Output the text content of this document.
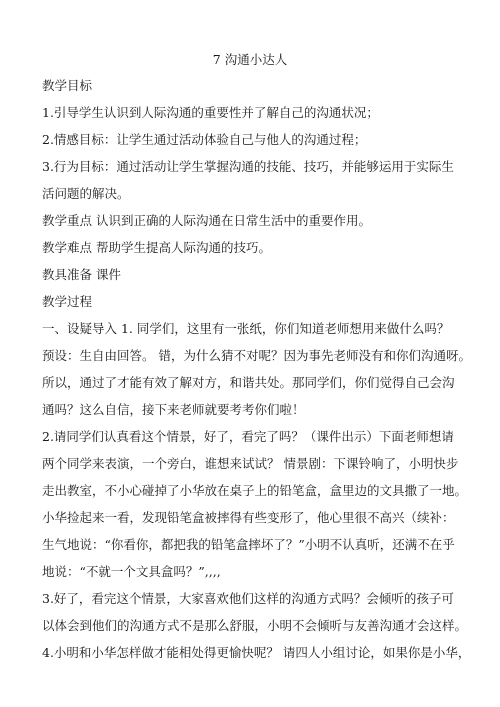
7 沟通小达人
教学目标
1.引导学生认识到人际沟通的重要性并了解自己的沟通状况；
2.情感目标：让学生通过活动体验自己与他人的沟通过程；
3.行为目标：通过活动让学生掌握沟通的技能、技巧，并能够运用于实际生
活问题的解决。
教学重点 认识到正确的人际沟通在日常生活中的重要作用。
教学难点 帮助学生提高人际沟通的技巧。
教具准备 课件
教学过程
一、设疑导入 1. 同学们，这里有一张纸，你们知道老师想用来做什么吗？
预设：生自由回答。 错，为什么猜不对呢？因为事先老师没有和你们沟通呀。
所以，通过了才能有效了解对方，和谐共处。那同学们，你们觉得自己会沟
通吗？这么自信，接下来老师就要考考你们啦！
2.请同学们认真看这个情景，好了，看完了吗？（课件出示）下面老师想请
两个同学来表演，一个旁白，谁想来试试？ 情景剧：下课铃响了，小明快步
走出教室，不小心碰掉了小华放在桌子上的铅笔盒，盒里边的文具撒了一地。
小华捡起来一看，发现铅笔盒被摔得有些变形了，他心里很不高兴（续补：
生气地说：“你看你，都把我的铅笔盒摔坏了？”小明不认真听，还满不在乎
地说：“不就一个文具盒吗？”,,,,
3.好了，看完这个情景，大家喜欢他们这样的沟通方式吗？会倾听的孩子可
以体会到他们的沟通方式不是那么舒服，小明不会倾听与友善沟通才会这样。
4.小明和小华怎样做才能相处得更愉快呢？ 请四人小组讨论，如果你是小华，
